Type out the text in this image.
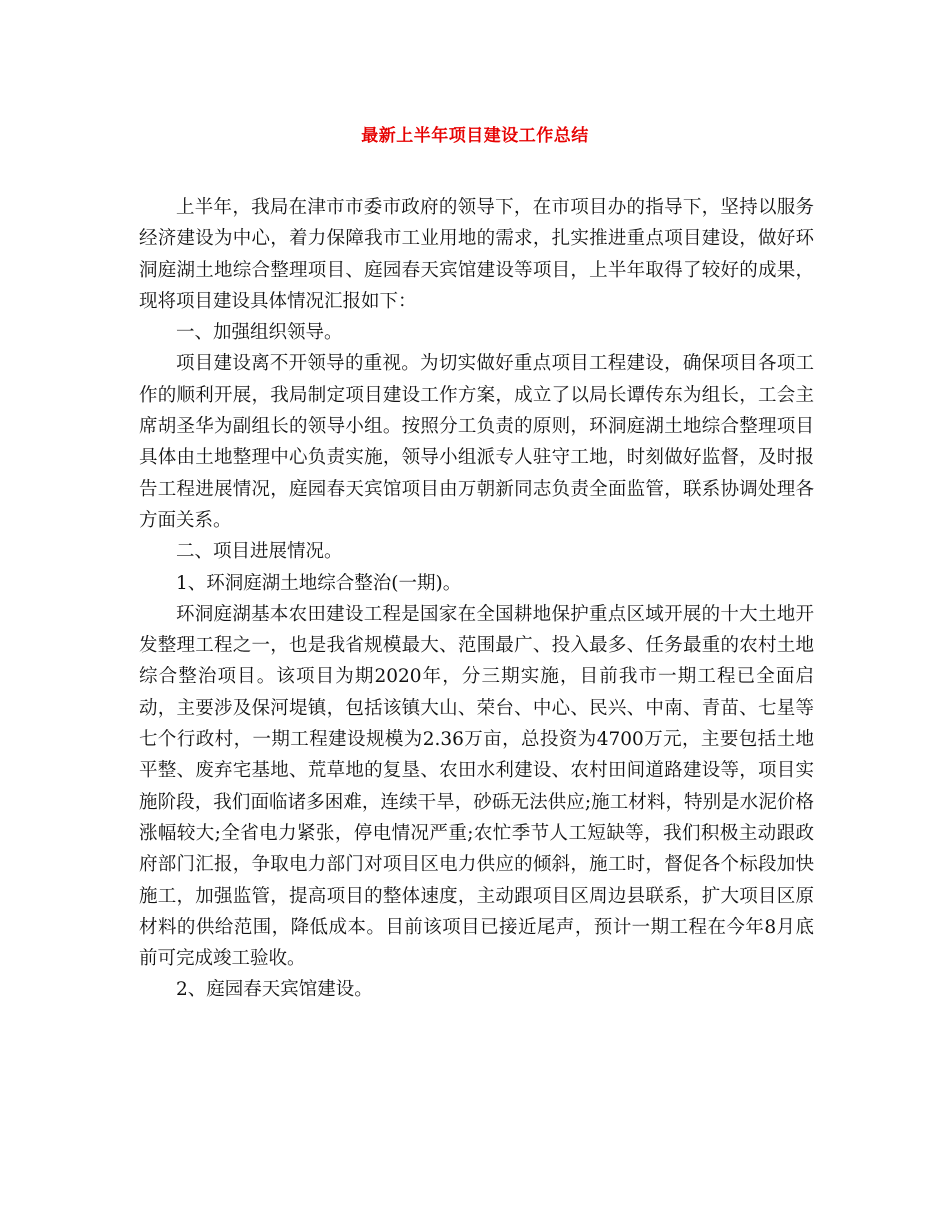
最新上半年项目建设工作总结

上半年，我局在津市市委市政府的领导下，在市项目办的指导下，坚持以服务经济建设为中心，着力保障我市工业用地的需求，扎实推进重点项目建设，做好环洞庭湖土地综合整理项目、庭园春天宾馆建设等项目，上半年取得了较好的成果，现将项目建设具体情况汇报如下：

一、加强组织领导。

项目建设离不开领导的重视。为切实做好重点项目工程建设，确保项目各项工作的顺利开展，我局制定项目建设工作方案，成立了以局长谭传东为组长，工会主席胡圣华为副组长的领导小组。按照分工负责的原则，环洞庭湖土地综合整理项目具体由土地整理中心负责实施，领导小组派专人驻守工地，时刻做好监督，及时报告工程进展情况，庭园春天宾馆项目由万朝新同志负责全面监管，联系协调处理各方面关系。

二、项目进展情况。

1、环洞庭湖土地综合整治(一期)。

环洞庭湖基本农田建设工程是国家在全国耕地保护重点区域开展的十大土地开发整理工程之一，也是我省规模最大、范围最广、投入最多、任务最重的农村土地综合整治项目。该项目为期2020年，分三期实施，目前我市一期工程已全面启动，主要涉及保河堤镇，包括该镇大山、荣台、中心、民兴、中南、青苗、七星等七个行政村，一期工程建设规模为2.36万亩，总投资为4700万元，主要包括土地平整、废弃宅基地、荒草地的复垦、农田水利建设、农村田间道路建设等，项目实施阶段，我们面临诸多困难，连续干旱，砂砾无法供应;施工材料，特别是水泥价格涨幅较大;全省电力紧张，停电情况严重;农忙季节人工短缺等，我们积极主动跟政府部门汇报，争取电力部门对项目区电力供应的倾斜，施工时，督促各个标段加快施工，加强监管，提高项目的整体速度，主动跟项目区周边县联系，扩大项目区原材料的供给范围，降低成本。目前该项目已接近尾声，预计一期工程在今年8月底前可完成竣工验收。

2、庭园春天宾馆建设。
